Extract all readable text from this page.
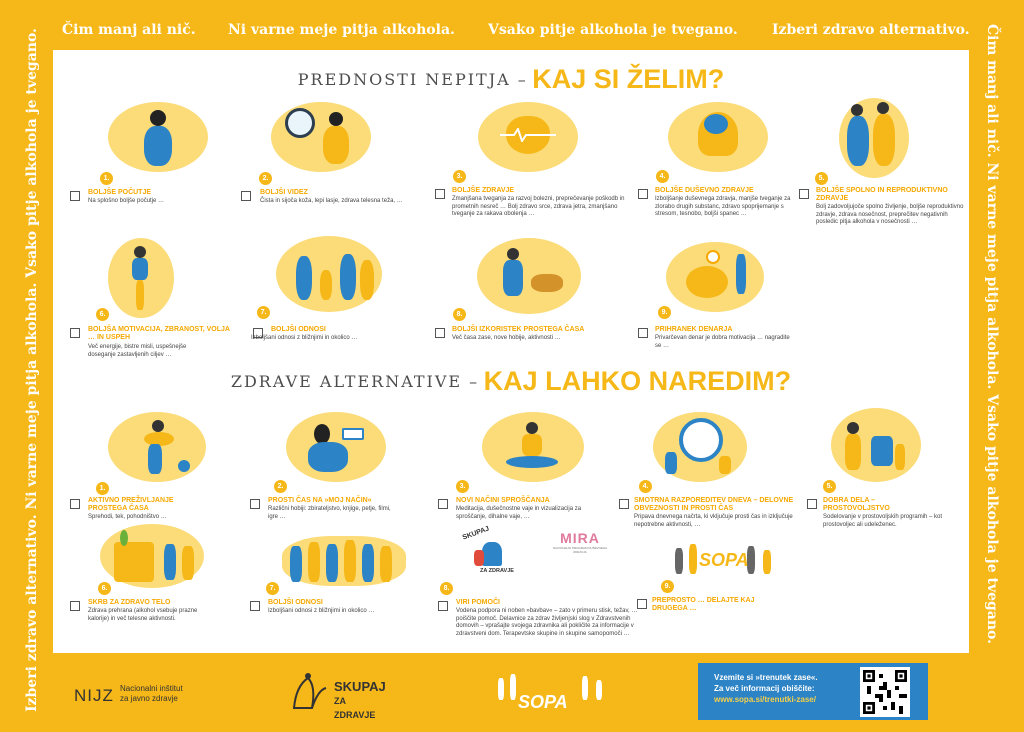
Čim manj ali nič. Ni varne meje pitja alkohola. Vsako pitje alkohola je tvegano. Izberi zdravo alternativo.
Izberi zdravo alternativo. Ni varne meje pitja alkohola. Vsako pitje alkohola je tvegano.	Čim manj ali nič. Ni varne meje pitja alkohola. Vsako pitje alkohola je tvegano.
PREDNOSTI NEPITJA – KAJ SI ŽELIM?
ZDRAVE ALTERNATIVE – KAJ LAHKO NAREDIM?
1.
BOLJŠE POČUTJE
Na splošno boljše počutje …
2.
BOLJŠI VIDEZ
Čista in sijoča koža, lepi lasje, zdrava telesna teža, …
3.
BOLJŠE ZDRAVJE
Zmanjšana tveganja za razvoj bolezni, preprečevanje poškodb in prometnih nesreč … Bolj zdravo srce, zdrava jetra, zmanjšano tveganje za rakava obolenja …
4.
BOLJŠE DUŠEVNO ZDRAVJE
Izboljšanje duševnega zdravja, manjše tveganje za zlorabo drugih substanc, zdravo spoprijemanje s stresom, tesnobo, boljši spanec …
5.
BOLJŠE SPOLNO IN REPRODUKTIVNO ZDRAVJE
Bolj zadovoljujoče spolno življenje, boljše reproduktivno zdravje, zdrava nosečnost, preprečitev negativnih posledic pitja alkohola v nosečnosti …
6.
BOLJŠA MOTIVACIJA, ZBRANOST, VOLJA … IN USPEH
Več energije, bistre misli, uspešnejše doseganje zastavljenih ciljev …
7.
BOLJŠI ODNOSI
Izboljšani odnosi z bližnjimi in okolico …
8.
BOLJŠI IZKORISTEK PROSTEGA ČASA
Več časa zase, nove hobije, aktivnosti …
9.
PRIHRANEK DENARJA
Privarčevan denar je dobra motivacija … nagradite se …
1.
AKTIVNO PREŽIVLJANJE PROSTEGA ČASA
Sprehodi, tek, pohodništvo …
2.
PROSTI ČAS NA »MOJ NAČIN«
Različni hobiji: zbirateljstvo, knjige, petje, filmi, igre …
3.
NOVI NAČINI SPROŠČANJA
Meditacija, dušečnostne vaje in vizualizacija za sproščanje, dihalne vaje, …
4.
SMOTRNA RAZPOREDITEV DNEVA – DELOVNE OBVEZNOSTI IN PROSTI ČAS
Pripava dnevnega načrta, ki vključuje prosti čas in izključuje nepotrebne aktivnosti, …
5.
DOBRA DELA – PROSTOVOLJSTVO
Sodelovanje v prostovoljskih programih – kot prostovoljec ali udeleženec.
6.
SKRB ZA ZDRAVO TELO
Zdrava prehrana (alkohol vsebuje prazne kalorije) in več telesne aktivnosti.
7.
BOLJŠI ODNOSI
Izboljšani odnosi z bližnjimi in okolico …
SKUPAJ
ZA ZDRAVJE
MIRA
NACIONALNI PROGRAM DUŠEVNEGA ZDRAVJA
8.
VIRI POMOČI
Vodena podpora ni noben »bavbav« – zato v primeru stisk, težav, … poiščite pomoč. Delavnice za zdrav življenjski slog v Zdravstvenih domovih – vprašajte svojega zdravnika ali pokličite za informacije v zdravstveni dom. Terapevtske skupine in skupine samopomoči …
SOPA
9.
PREPROSTO … DELAJTE KAJ DRUGEGA …
NIJZ Nacionalni inštitut
za javno zdravje
SKUPAJ
ZA ZDRAVJE
SOPA
Vzemite si »trenutek zase«.
Za več informacij obiščite:
www.sopa.si/trenutki-zase/
